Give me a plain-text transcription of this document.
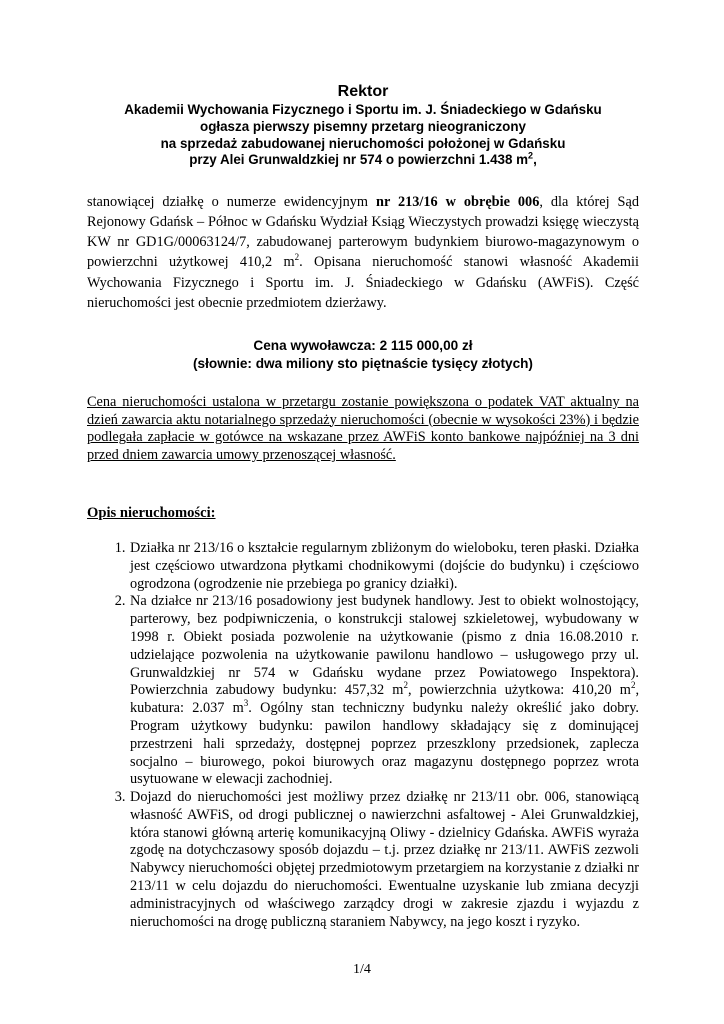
Rektor
Akademii Wychowania Fizycznego i Sportu im. J. Śniadeckiego w Gdańsku
ogłasza pierwszy pisemny przetarg nieograniczony
na sprzedaż zabudowanej nieruchomości położonej w Gdańsku
przy Alei Grunwaldzkiej nr 574 o powierzchni 1.438 $m^2$,
stanowiącej działkę o numerze ewidencyjnym nr 213/16 w obrębie 006, dla której Sąd Rejonowy Gdańsk – Północ w Gdańsku Wydział Ksiąg Wieczystych prowadzi księgę wieczystą KW nr GD1G/00063124/7, zabudowanej parterowym budynkiem biurowo-magazynowym o powierzchni użytkowej 410,2 $m^2$. Opisana nieruchomość stanowi własność Akademii Wychowania Fizycznego i Sportu im. J. Śniadeckiego w Gdańsku (AWFiS). Część nieruchomości jest obecnie przedmiotem dzierżawy.
Cena wywoławcza: 2 115 000,00 zł
(słownie: dwa miliony sto piętnaście tysięcy złotych)
Cena nieruchomości ustalona w przetargu zostanie powiększona o podatek VAT aktualny na dzień zawarcia aktu notarialnego sprzedaży nieruchomości (obecnie w wysokości 23%) i będzie podlegała zapłacie w gotówce na wskazane przez AWFiS konto bankowe najpóźniej na 3 dni przed dniem zawarcia umowy przenoszącej własność.
Opis nieruchomości:
1. Działka nr 213/16 o kształcie regularnym zbliżonym do wieloboku, teren płaski. Działka jest częściowo utwardzona płytkami chodnikowymi (dojście do budynku) i częściowo ogrodzona (ogrodzenie nie przebiega po granicy działki).
2. Na działce nr 213/16 posadowiony jest budynek handlowy. Jest to obiekt wolnostojący, parterowy, bez podpiwniczenia, o konstrukcji stalowej szkieletowej, wybudowany w 1998 r. Obiekt posiada pozwolenie na użytkowanie (pismo z dnia 16.08.2010 r. udzielające pozwolenia na użytkowanie pawilonu handlowo – usługowego przy ul. Grunwaldzkiej nr 574 w Gdańsku wydane przez Powiatowego Inspektora). Powierzchnia zabudowy budynku: 457,32 $m^2$, powierzchnia użytkowa: 410,20 $m^2$, kubatura: 2.037 $m^3$. Ogólny stan techniczny budynku należy określić jako dobry. Program użytkowy budynku: pawilon handlowy składający się z dominującej przestrzeni hali sprzedaży, dostępnej poprzez przeszklony przedsionek, zaplecza socjalno – biurowego, pokoi biurowych oraz magazynu dostępnego poprzez wrota usytuowane w elewacji zachodniej.
3. Dojazd do nieruchomości jest możliwy przez działkę nr 213/11 obr. 006, stanowiącą własność AWFiS, od drogi publicznej o nawierzchni asfaltowej - Alei Grunwaldzkiej, która stanowi główną arterię komunikacyjną Oliwy - dzielnicy Gdańska. AWFiS wyraża zgodę na dotychczasowy sposób dojazdu – t.j. przez działkę nr 213/11. AWFiS zezwoli Nabywcy nieruchomości objętej przedmiotowym przetargiem na korzystanie z działki nr 213/11 w celu dojazdu do nieruchomości. Ewentualne uzyskanie lub zmiana decyzji administracyjnych od właściwego zarządcy drogi w zakresie zjazdu i wyjazdu z nieruchomości na drogę publiczną staraniem Nabywcy, na jego koszt i ryzyko.
1/4
